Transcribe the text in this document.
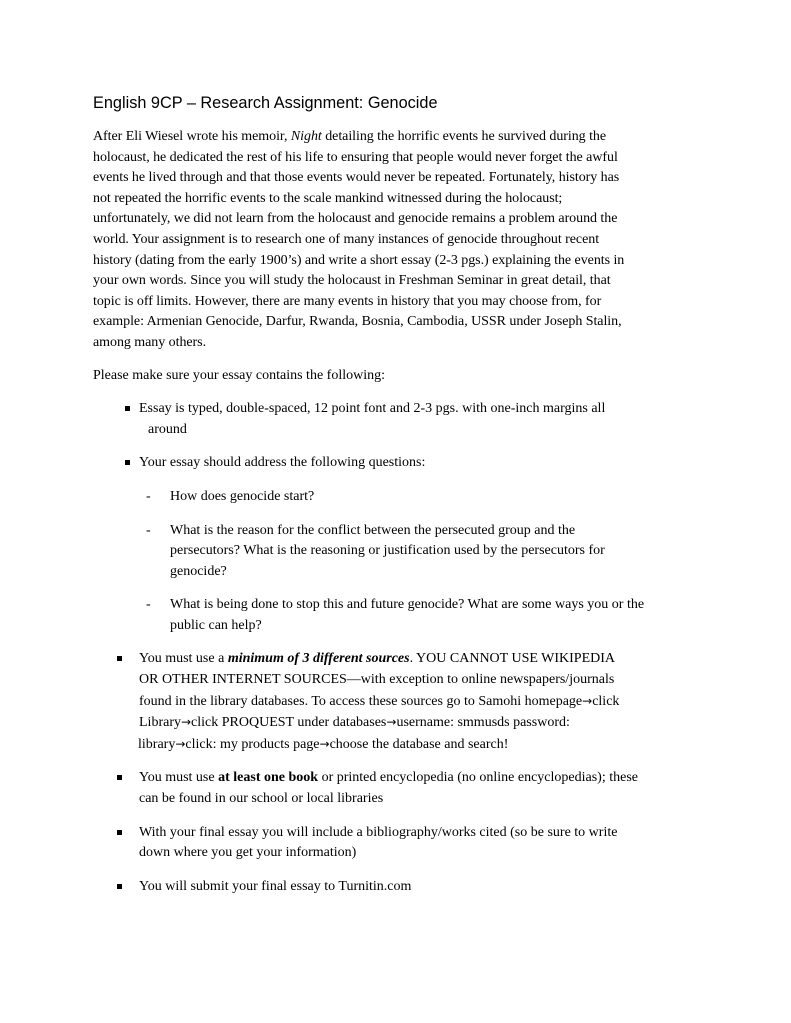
English 9CP – Research Assignment: Genocide
After Eli Wiesel wrote his memoir, Night detailing the horrific events he survived during the
holocaust, he dedicated the rest of his life to ensuring that people would never forget the awful
events he lived through and that those events would never be repeated. Fortunately, history has
not repeated the horrific events to the scale mankind witnessed during the holocaust;
unfortunately, we did not learn from the holocaust and genocide remains a problem around the
world. Your assignment is to research one of many instances of genocide throughout recent
history (dating from the early 1900’s) and write a short essay (2-3 pgs.) explaining the events in
your own words. Since you will study the holocaust in Freshman Seminar in great detail, that
topic is off limits. However, there are many events in history that you may choose from, for
example: Armenian Genocide, Darfur, Rwanda, Bosnia, Cambodia, USSR under Joseph Stalin,
among many others.
Please make sure your essay contains the following:
Essay is typed, double-spaced, 12 point font and 2-3 pgs. with one-inch margins all
around
Your essay should address the following questions:
- How does genocide start?
- What is the reason for the conflict between the persecuted group and the
persecutors? What is the reasoning or justification used by the persecutors for
genocide?
- What is being done to stop this and future genocide? What are some ways you or the
public can help?
You must use a minimum of 3 different sources. YOU CANNOT USE WIKIPEDIA
OR OTHER INTERNET SOURCES—with exception to online newspapers/journals
found in the library databases. To access these sources go to Samohi homepage→click
Library→click PROQUEST under databases→username: smmusds password:
library→click: my products page→choose the database and search!
You must use at least one book or printed encyclopedia (no online encyclopedias); these
can be found in our school or local libraries
With your final essay you will include a bibliography/works cited (so be sure to write
down where you get your information)
You will submit your final essay to Turnitin.com
